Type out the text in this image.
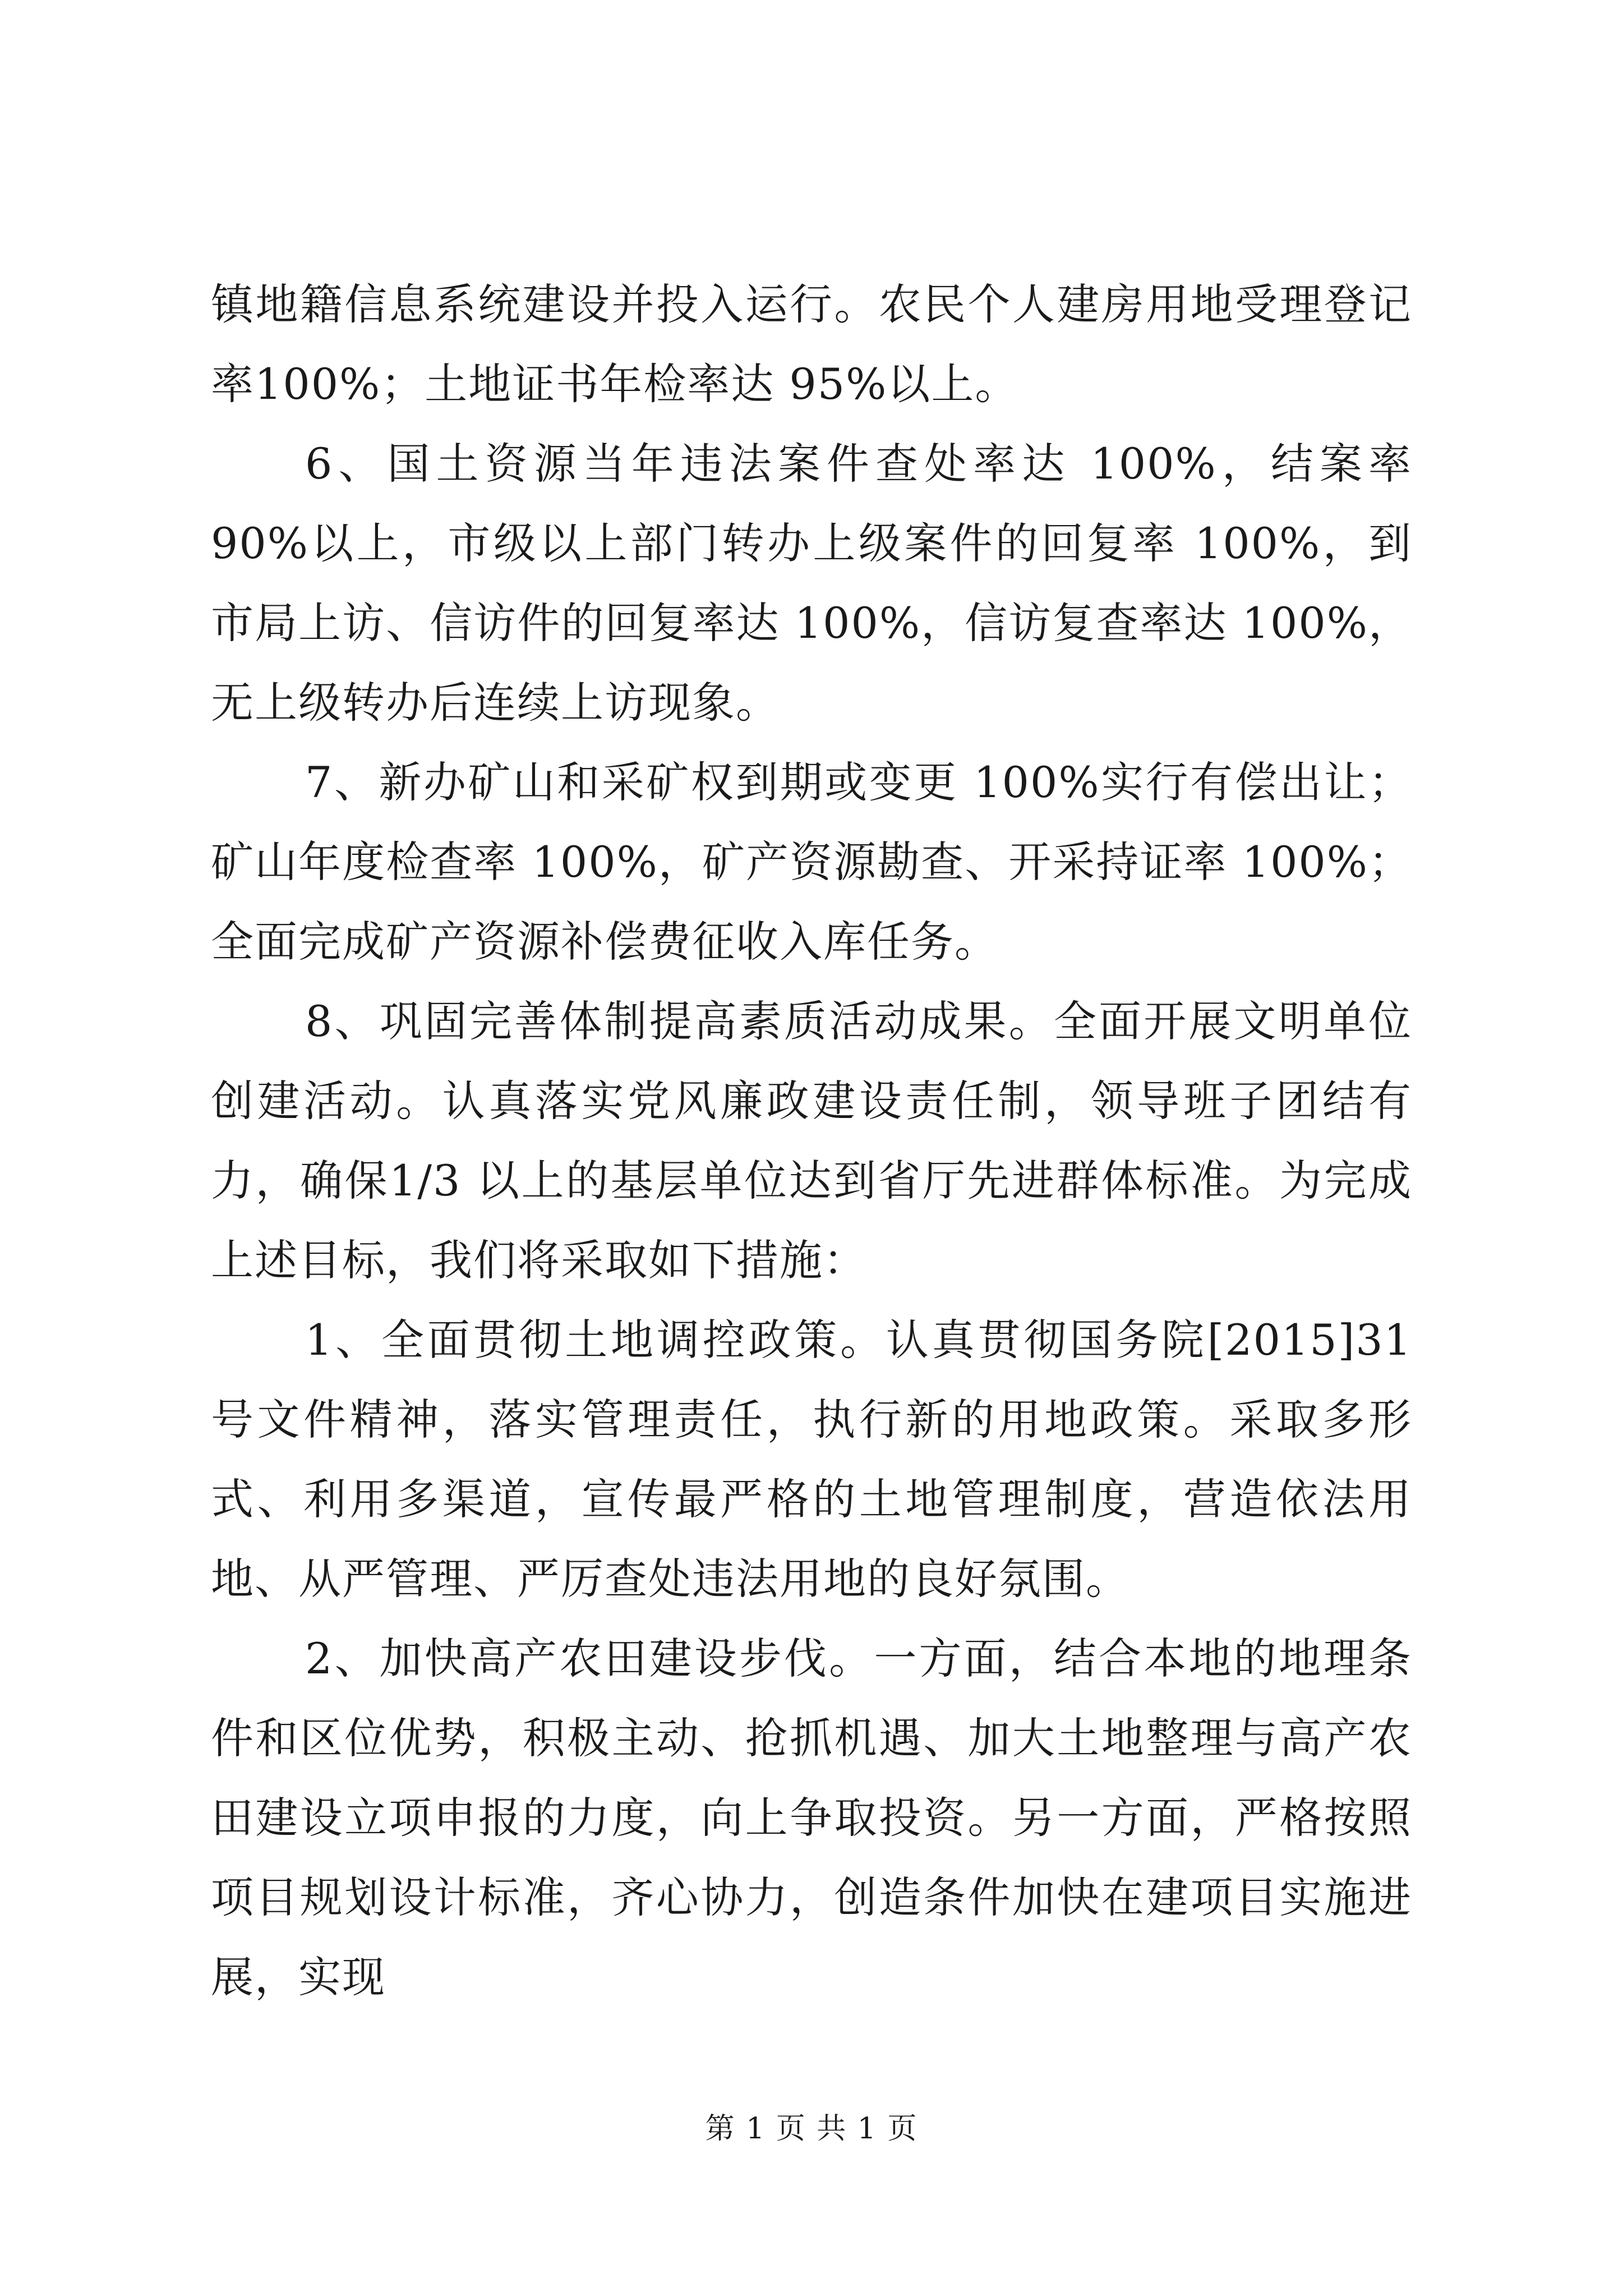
镇地籍信息系统建设并投入运行。农民个人建房用地受理登记率100%；土地证书年检率达 95%以上。

6、国土资源当年违法案件查处率达 100%，结案率 90%以上，市级以上部门转办上级案件的回复率 100%，到市局上访、信访件的回复率达 100%，信访复查率达 100%，无上级转办后连续上访现象。

7、新办矿山和采矿权到期或变更 100%实行有偿出让；矿山年度检查率 100%，矿产资源勘查、开采持证率 100%；全面完成矿产资源补偿费征收入库任务。

8、巩固完善体制提高素质活动成果。全面开展文明单位创建活动。认真落实党风廉政建设责任制，领导班子团结有力，确保1/3 以上的基层单位达到省厅先进群体标准。为完成上述目标，我们将采取如下措施：

1、全面贯彻土地调控政策。认真贯彻国务院[2015]31 号文件精神，落实管理责任，执行新的用地政策。采取多形式、利用多渠道，宣传最严格的土地管理制度，营造依法用地、从严管理、严厉查处违法用地的良好氛围。

2、加快高产农田建设步伐。一方面，结合本地的地理条件和区位优势，积极主动、抢抓机遇、加大土地整理与高产农田建设立项申报的力度，向上争取投资。另一方面，严格按照项目规划设计标准，齐心协力，创造条件加快在建项目实施进展，实现

第 1 页 共 1 页
